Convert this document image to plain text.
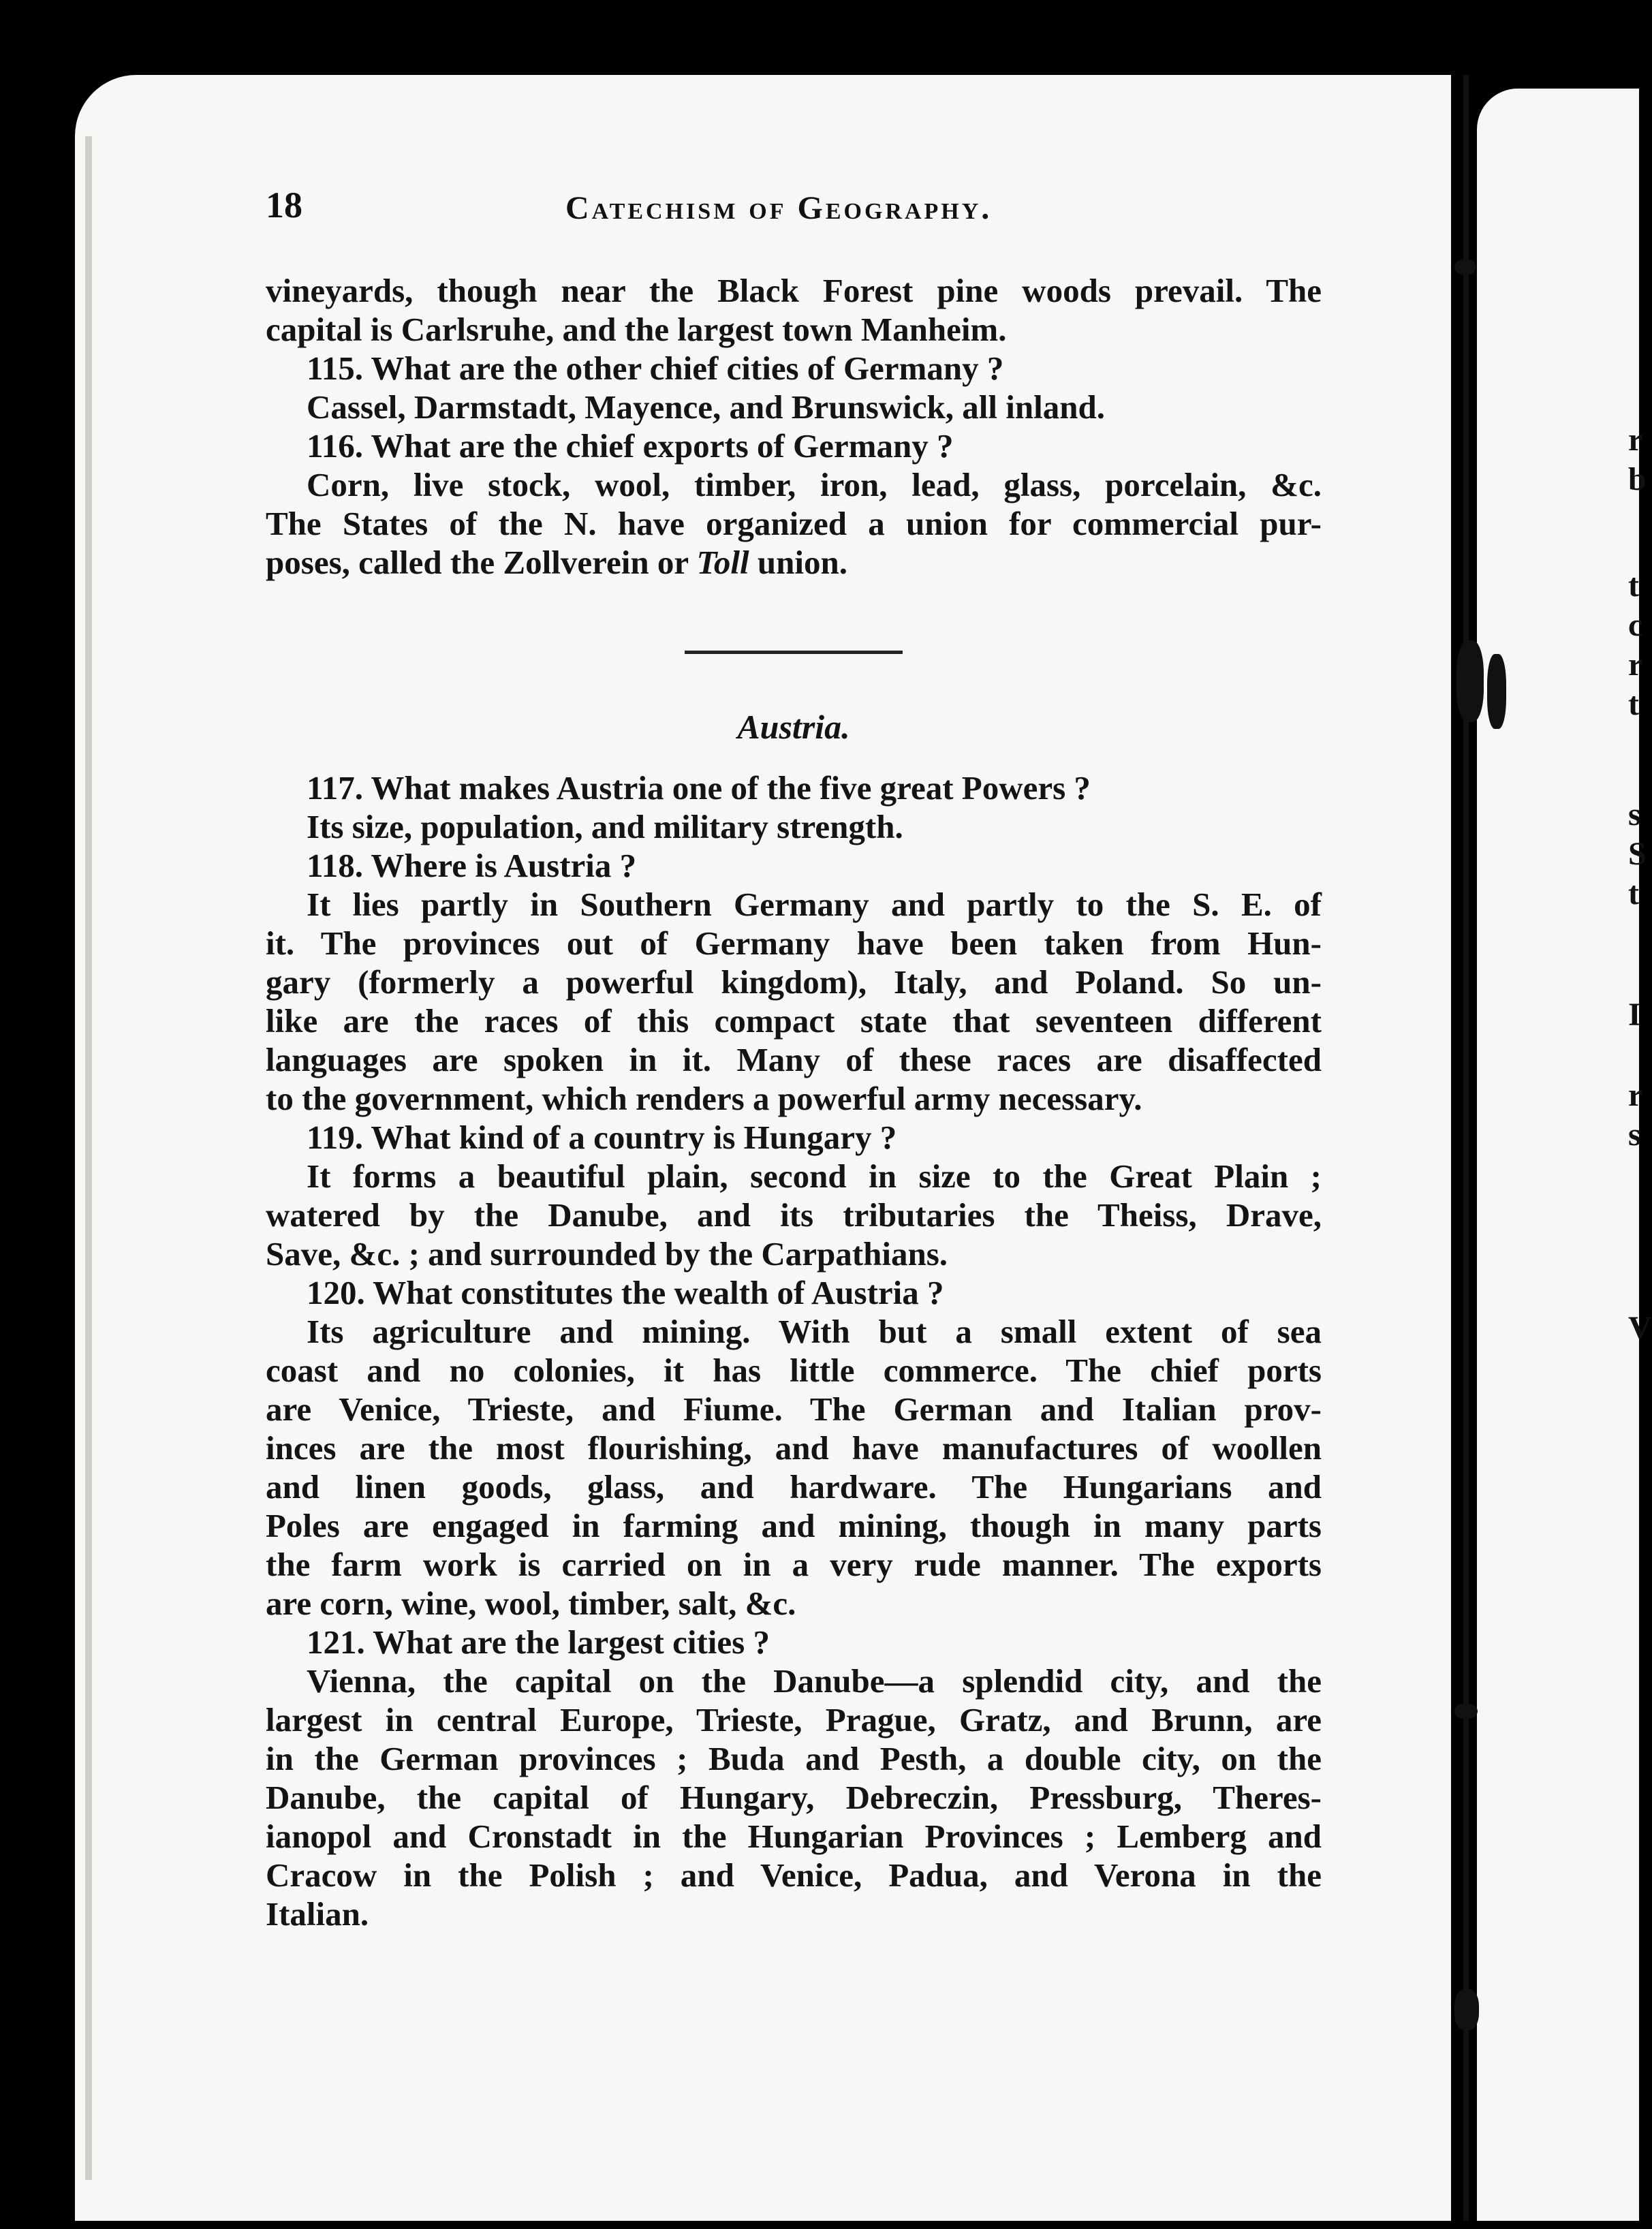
r
b
t
c
r
t
s
S
t
I
r
s
V
18	Catechism of Geography.
vineyards, though near the Black Forest pine woods prevail. The
capital is Carlsruhe, and the largest town Manheim.
115. What are the other chief cities of Germany ?
Cassel, Darmstadt, Mayence, and Brunswick, all inland.
116. What are the chief exports of Germany ?
Corn, live stock, wool, timber, iron, lead, glass, porcelain, &c.
The States of the N. have organized a union for commercial pur-
poses, called the Zollverein or Toll union.
Austria.
117. What makes Austria one of the five great Powers ?
Its size, population, and military strength.
118. Where is Austria ?
It lies partly in Southern Germany and partly to the S. E. of
it. The provinces out of Germany have been taken from Hun-
gary (formerly a powerful kingdom), Italy, and Poland. So un-
like are the races of this compact state that seventeen different
languages are spoken in it. Many of these races are disaffected
to the government, which renders a powerful army necessary.
119. What kind of a country is Hungary ?
It forms a beautiful plain, second in size to the Great Plain ;
watered by the Danube, and its tributaries the Theiss, Drave,
Save, &c. ; and surrounded by the Carpathians.
120. What constitutes the wealth of Austria ?
Its agriculture and mining. With but a small extent of sea
coast and no colonies, it has little commerce. The chief ports
are Venice, Trieste, and Fiume. The German and Italian prov-
inces are the most flourishing, and have manufactures of woollen
and linen goods, glass, and hardware. The Hungarians and
Poles are engaged in farming and mining, though in many parts
the farm work is carried on in a very rude manner. The exports
are corn, wine, wool, timber, salt, &c.
121. What are the largest cities ?
Vienna, the capital on the Danube—a splendid city, and the
largest in central Europe, Trieste, Prague, Gratz, and Brunn, are
in the German provinces ; Buda and Pesth, a double city, on the
Danube, the capital of Hungary, Debreczin, Pressburg, Theres-
ianopol and Cronstadt in the Hungarian Provinces ; Lemberg and
Cracow in the Polish ; and Venice, Padua, and Verona in the
Italian.
